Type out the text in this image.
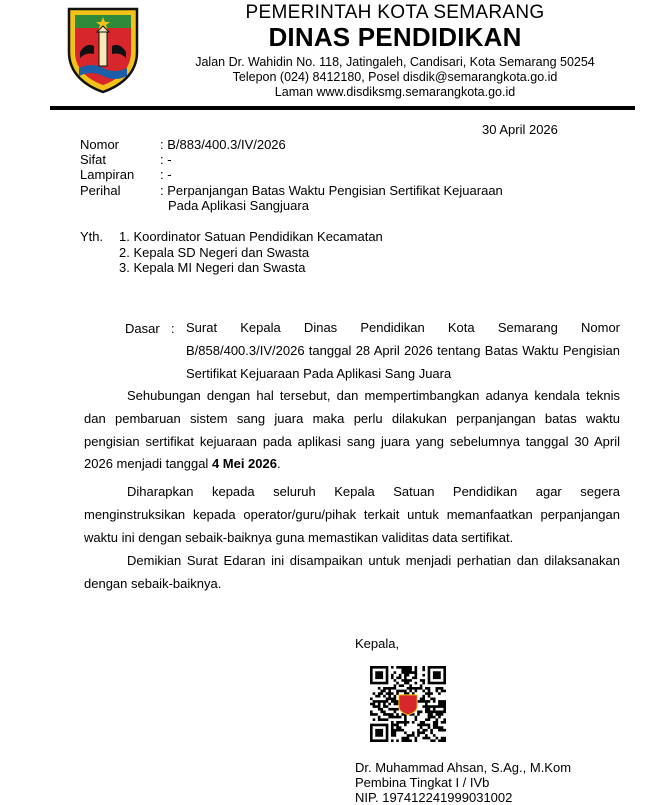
PEMERINTAH KOTA SEMARANG
DINAS PENDIDIKAN
Jalan Dr. Wahidin No. 118, Jatingaleh, Candisari, Kota Semarang 50254
Telepon (024) 8412180, Posel disdik@semarangkota.go.id
Laman www.disdiksmg.semarangkota.go.id
30 April 2026
Nomor	: B/883/400.3/IV/2026
Sifat	: -
Lampiran : -
Perihal	: Perpanjangan Batas Waktu Pengisian Sertifikat Kejuaraan
Pada Aplikasi Sangjuara
Yth. 1. Koordinator Satuan Pendidikan Kecamatan
2. Kepala SD Negeri dan Swasta
3. Kepala MI Negeri dan Swasta
Dasar : Surat Kepala Dinas Pendidikan Kota Semarang Nomor B/858/400.3/IV/2026 tanggal 28 April 2026 tentang Batas Waktu Pengisian Sertifikat Kejuaraan Pada Aplikasi Sang Juara
Sehubungan dengan hal tersebut, dan mempertimbangkan adanya kendala teknis dan pembaruan sistem sang juara maka perlu dilakukan perpanjangan batas waktu pengisian sertifikat kejuaraan pada aplikasi sang juara yang sebelumnya tanggal 30 April 2026 menjadi tanggal 4 Mei 2026.
Diharapkan kepada seluruh Kepala Satuan Pendidikan agar segera menginstruksikan kepada operator/guru/pihak terkait untuk memanfaatkan perpanjangan waktu ini dengan sebaik-baiknya guna memastikan validitas data sertifikat.
Demikian Surat Edaran ini disampaikan untuk menjadi perhatian dan dilaksanakan dengan sebaik-baiknya.
Kepala,
Dr. Muhammad Ahsan, S.Ag., M.Kom
Pembina Tingkat I / IVb
NIP. 197412241999031002
